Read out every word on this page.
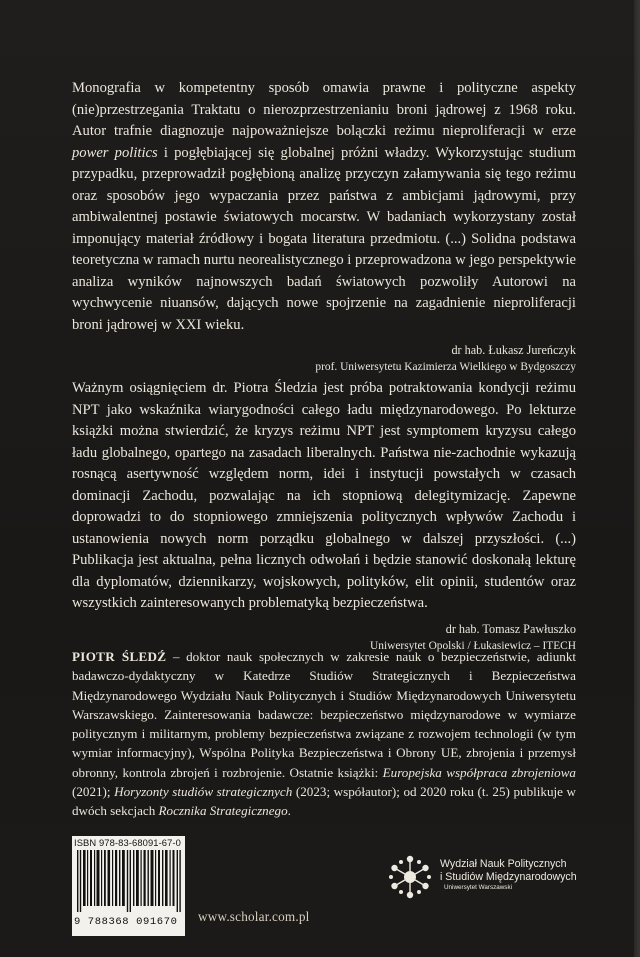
Monografia w kompetentny sposób omawia prawne i polityczne aspekty (nie)przestrzegania Traktatu o nierozprzestrzenianiu broni jądrowej z 1968 roku. Autor trafnie diagnozuje najpoważniejsze bolączki reżimu nieproliferacji w erze power politics i pogłębiającej się globalnej próżni władzy. Wykorzystując studium przypadku, przeprowadził pogłębioną analizę przyczyn załamywania się tego reżimu oraz sposobów jego wypaczania przez państwa z ambicjami jądrowymi, przy ambiwalentnej postawie światowych mocarstw. W badaniach wykorzystany został imponujący materiał źródłowy i bogata literatura przedmiotu. (...) Solidna podstawa teoretyczna w ramach nurtu neorealistycznego i przeprowadzona w jego perspektywie analiza wyników najnowszych badań światowych pozwoliły Autorowi na wychwycenie niuansów, dających nowe spojrzenie na zagadnienie nieproliferacji broni jądrowej w XXI wieku.

dr hab. Łukasz Jureńczyk
prof. Uniwersytetu Kazimierza Wielkiego w Bydgoszczy

Ważnym osiągnięciem dr. Piotra Śledzia jest próba potraktowania kondycji reżimu NPT jako wskaźnika wiarygodności całego ładu międzynarodowego. Po lekturze książki można stwierdzić, że kryzys reżimu NPT jest symptomem kryzysu całego ładu globalnego, opartego na zasadach liberalnych. Państwa nie-zachodnie wykazują rosnącą asertywność względem norm, idei i instytucji powstałych w czasach dominacji Zachodu, pozwalając na ich stopniową delegitymizację. Zapewne doprowadzi to do stopniowego zmniejszenia politycznych wpływów Zachodu i ustanowienia nowych norm porządku globalnego w dalszej przyszłości. (...) Publikacja jest aktualna, pełna licznych odwołań i będzie stanowić doskonałą lekturę dla dyplomatów, dziennikarzy, wojskowych, polityków, elit opinii, studentów oraz wszystkich zainteresowanych problematyką bezpieczeństwa.

dr hab. Tomasz Pawłuszko
Uniwersytet Opolski / Łukasiewicz – ITECH

PIOTR ŚLEDŹ – doktor nauk społecznych w zakresie nauk o bezpieczeństwie, adiunkt badawczo-dydaktyczny w Katedrze Studiów Strategicznych i Bezpieczeństwa Międzynarodowego Wydziału Nauk Politycznych i Studiów Międzynarodowych Uniwersytetu Warszawskiego. Zainteresowania badawcze: bezpieczeństwo międzynarodowe w wymiarze politycznym i militarnym, problemy bezpieczeństwa związane z rozwojem technologii (w tym wymiar informacyjny), Wspólna Polityka Bezpieczeństwa i Obrony UE, zbrojenia i przemysł obronny, kontrola zbrojeń i rozbrojenie. Ostatnie książki: Europejska współpraca zbrojeniowa (2021); Horyzonty studiów strategicznych (2023; współautor); od 2020 roku (t. 25) publikuje w dwóch sekcjach Rocznika Strategicznego.

ISBN 978-83-68091-67-0
9 788368 091670	www.scholar.com.pl
Wydział Nauk Politycznych
i Studiów Międzynarodowych
Uniwersytet Warszawski
